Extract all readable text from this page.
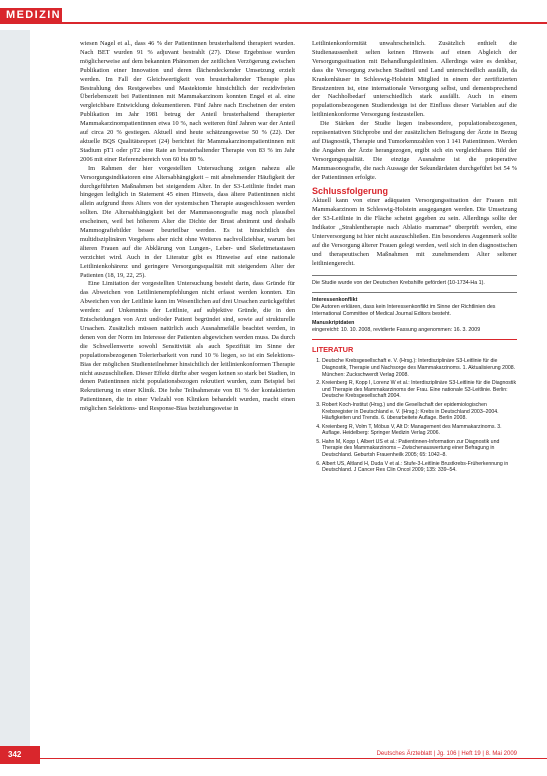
MEDIZIN

wiesen Nagel et al., dass 46 % der Patientinnen brusterhaltend therapiert wurden. Nach BET wurden 91 % adjuvant bestrahlt (27). Diese Ergebnisse wurden möglicherweise auf dem bekannten Phänomen der zeitlichen Verzögerung zwischen Publikation einer Innovation und deren flächendeckender Umsetzung erzielt werden. Im Fall der Gleichwertigkeit von brusterhaltender Therapie plus Bestrahlung des Restgewebes und Mastektomie hinsichtlich der rezidivfreien Überlebenszeit bei Patientinnen mit Mammakarzinom konnten Engel et al. eine vergleichbare Entwicklung dokumentieren. Fünf Jahre nach Erscheinen der ersten Publikation im Jahr 1981 betrug der Anteil brusterhaltend therapierter Mammakarzinompatientinnen etwa 10 %, nach weiteren fünf Jahren war der Anteil auf circa 20 % gestiegen. Aktuell sind heute schätzungsweise 50 % (22). Der aktuelle BQS Qualitätsreport (24) berichtet für Mammakarzinompatientinnen mit Stadium pT1 oder pT2 eine Rate an brusterhaltender Therapie von 83 % im Jahr 2006 mit einer Referenzbereich von 60 bis 80 %.

Im Rahmen der hier vorgestellten Untersuchung zeigen nahezu alle Versorgungsindikatoren eine Altersabhängigkeit – mit abnehmender Häufigkeit der durchgeführten Maßnahmen bei steigendem Alter. In der S3-Leitlinie findet man hingegen lediglich in Statement 45 einen Hinweis, dass ältere Patientinnen nicht allein aufgrund ihres Alters von der systemischen Therapie ausgeschlossen werden sollten. Die Altersabhängigkeit bei der Mammasonografie mag noch plausibel erscheinen, weil bei höherem Alter die Dichte der Brust abnimmt und deshalb Mammografiebilder besser beurteilbar werden. Es ist hinsichtlich des multidisziplinären Vorgehens aber nicht ohne Weiteres nachvollziehbar, warum bei älteren Frauen auf die Abklärung von Lungen-, Leber- und Skelettmetastasen verzichtet wird. Auch in der Literatur gibt es Hinweise auf eine nationale Leitlinienkohärenz und geringere Versorgungsqualität mit steigendem Alter der Patienten (18, 19, 22, 25).

Eine Limitation der vorgestellten Untersuchung besteht darin, dass Gründe für das Abweichen von Leitlinienempfehlungen nicht erfasst werden konnten. Ein Abweichen von der Leitlinie kann im Wesentlichen auf drei Ursachen zurückgeführt werden: auf Unkenntnis der Leitlinie, auf subjektive Gründe, die in den Entscheidungen von Arzt und/oder Patient begründet sind, sowie auf strukturelle Ursachen. Zusätzlich müssen natürlich auch Ausnahmefälle beachtet werden, in denen von der Norm im Interesse der Patienten abgewichen werden muss. Da durch die Schwellenwerte sowohl Sensitivität als auch Spezifität im Sinne der populationsbezogenen Tolerierbarkeit von rund 10 % liegen, so ist ein Selektions-Bias der möglichen Studienteilnehmer hinsichtlich der leitlinienkonformen Therapie nicht auszuschließen. Dieser Effekt dürfte aber wegen keinen so stark bei Stadien, in denen Patientinnen nicht populationsbezogen rekrutiert wurden, zum Beispiel bei Rekrutierung in einer Klinik. Die hohe Teilnahmerate von 81 % der kontaktierten Patientinnen, die in einer Vielzahl von Kliniken behandelt wurden, macht einen möglichen Selektions- und Response-Bias beziehungsweise in

Leitlinienkonformität unwahrscheinlich. Zusätzlich enthielt die Studienaussenheit selten keinen Hinweis auf einen Abgleich der Versorgungssituation mit Behandlungsleitlinien. Allerdings wäre es denkbar, dass die Versorgung zwischen Stadtteil und Land unterschiedlich ausfällt, da Krankenhäuser in Schleswig-Holstein Mitglied in einem der zertifizierten Brustzentren ist, eine internationale Versorgung selbst, und dementsprechend der Nachholbedarf unterschiedlich stark ausfällt. Auch in einem populationsbezogenen Studiendesign ist der Einfluss dieser Variablen auf die leitlinienkonforme Versorgung festzustellen.

Die Stärken der Studie liegen insbesondere, populationsbezogenen, repräsentativen Stichprobe und der zusätzlichen Befragung der Ärzte in Bezug auf Diagnostik, Therapie und Tumorkennzahlen von 1 141 Patientinnen. Werden die Angaben der Ärzte herangezogen, ergibt sich ein vergleichbares Bild der Versorgungsqualität. Die einzige Ausnahme ist die präoperative Mammasonografie, die nach Aussage der Sekundärdaten durchgeführt bei 54 % der Patientinnen erfolgte.

Schlussfolgerung

Aktuell kann von einer adäquaten Versorgungssituation der Frauen mit Mammakarzinom in Schleswig-Holstein ausgegangen werden. Die Umsetzung der S3-Leitlinie in die Fläche scheint gegeben zu sein. Allerdings sollte der Indikator „Strahlentherapie nach Ablatio mammae“ überprüft werden, eine Unterversorgung ist hier nicht auszuschließen. Ein besonderes Augenmerk sollte auf die Versorgung älterer Frauen gelegt werden, weil sich in den diagnostischen und therapeutischen Maßnahmen mit zunehmendem Alter seltener leitliniengerecht.

Die Studie wurde von der Deutschen Krebshilfe gefördert (10-1734-Ha 1).
Interessenkonflikt
Die Autoren erklären, dass kein Interessenkonflikt im Sinne der Richtlinien des International Committee of Medical Journal Editors besteht.
Manuskriptdaten
eingereicht: 10. 10. 2008, revidierte Fassung angenommen: 16. 3. 2009
LITERATUR
1. Deutsche Krebsgesellschaft e. V. (Hrsg.): Interdisziplinäre S3-Leitlinie für die Diagnostik, Therapie und Nachsorge des Mammakarzinoms. 1. Aktualisierung 2008. München: Zuckschwerdt Verlag 2008.
2. Kreienberg R, Kopp I, Lorenz W et al.: Interdisziplinäre S3-Leitlinie für die Diagnostik und Therapie des Mammakarzinoms der Frau. Eine nationale S3-Leitlinie. Berlin: Deutsche Krebsgesellschaft 2004.
3. Robert Koch-Institut (Hrsg.) und die Gesellschaft der epidemiologischen Krebsregister in Deutschland e. V. (Hrsg.): Krebs in Deutschland 2003–2004. Häufigkeiten und Trends. 6. überarbeitete Auflage. Berlin 2008.
4. Kreienberg R, Volm T, Möbus V, Alt D: Management des Mammakarzinoms. 3. Auflage. Heidelberg: Springer Medizin Verlag 2006.
5. Hahn M, Kopp I, Albert US et al.: Patientinnen-Information zur Diagnostik und Therapie des Mammakarzinoms – Zwischenauswertung einer Befragung in Deutschland. Geburtsh Frauenheilk 2005; 65: 1042–8.
6. Albert US, Altland H, Duda V et al.: Stufe-3-Leitlinie Brustkrebs-Früherkennung in Deutschland. J Cancer Res Clin Oncol 2009; 135: 339–54.
342	Deutsches Ärzteblatt | Jg. 106 | Heft 19 | 8. Mai 2009
